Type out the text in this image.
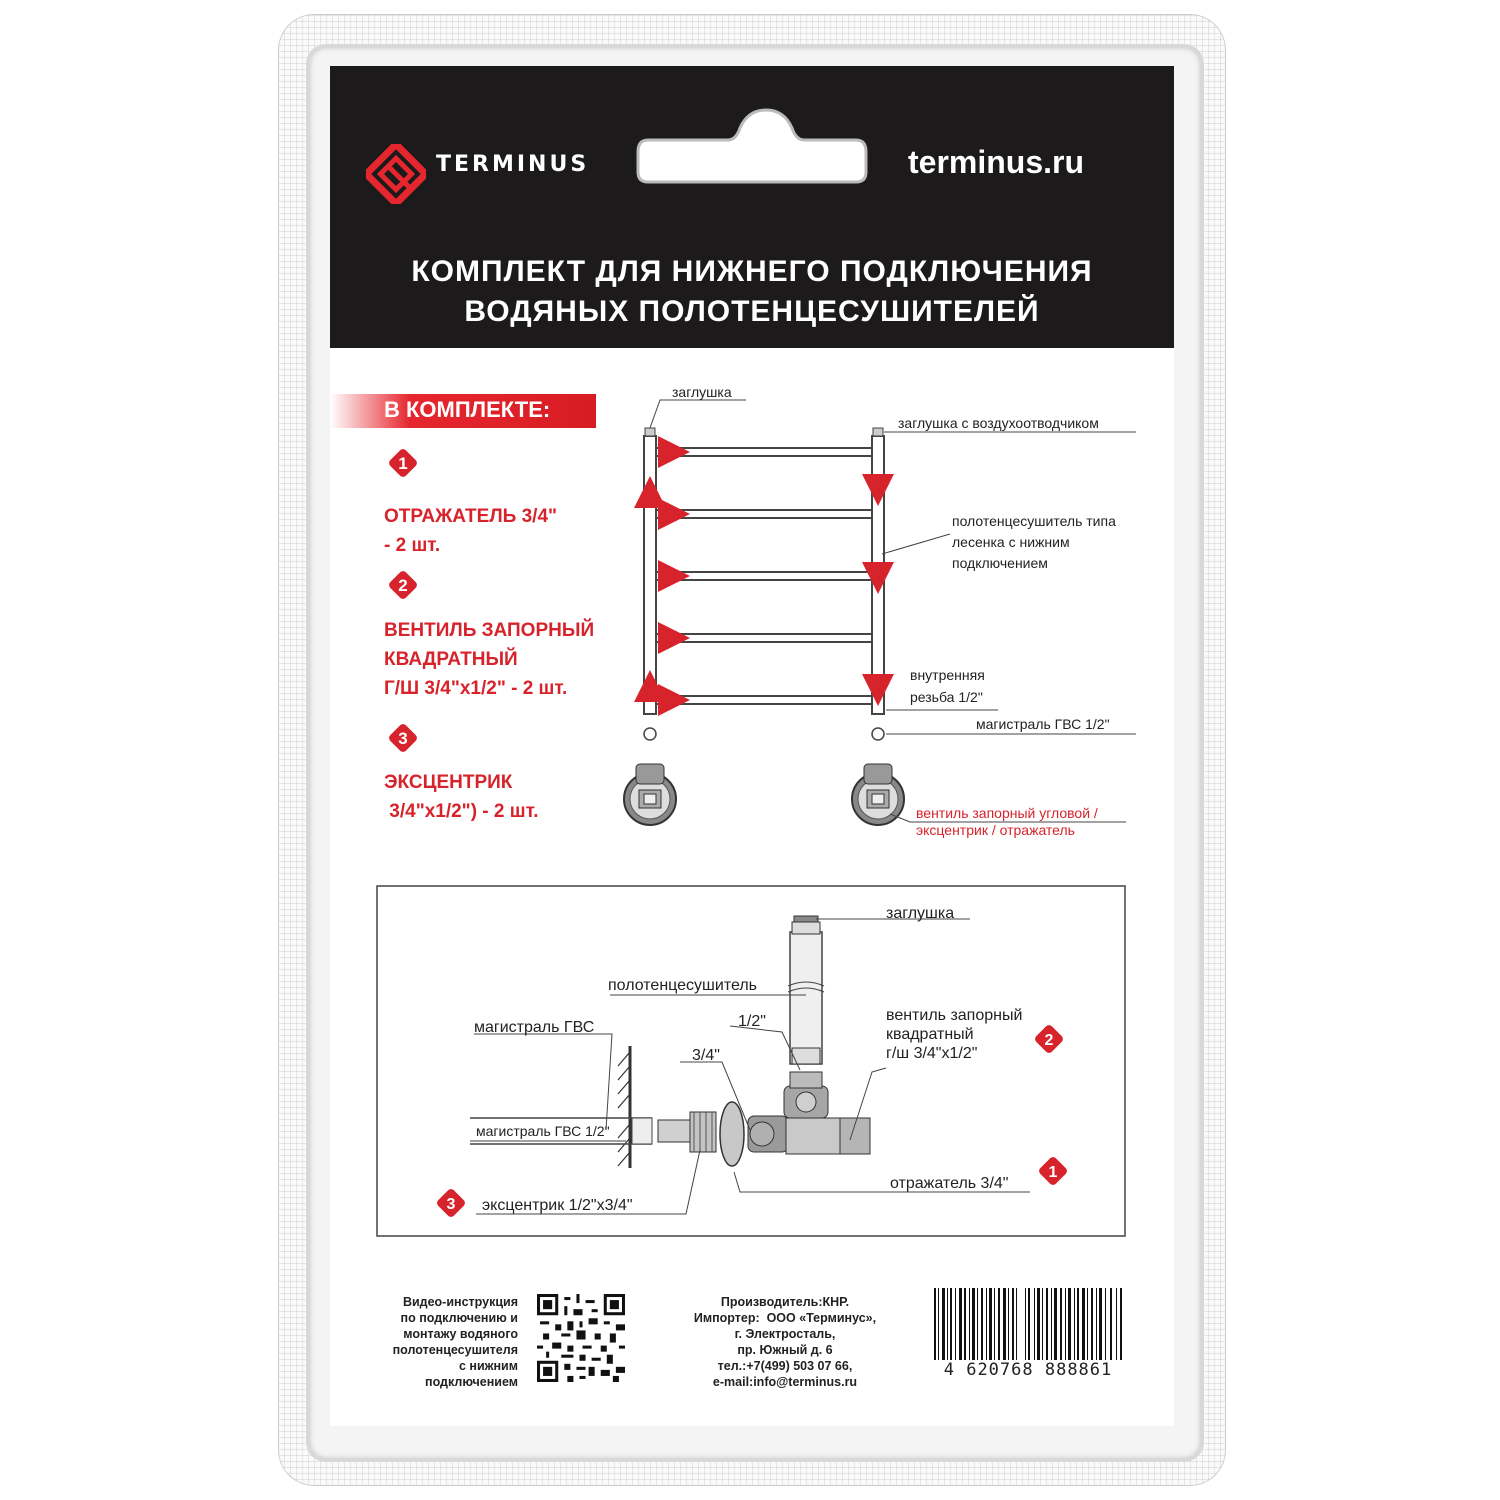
TERMINUS	terminus.ru
КОМПЛЕКТ ДЛЯ НИЖНЕГО ПОДКЛЮЧЕНИЯ
ВОДЯНЫХ ПОЛОТЕНЦЕСУШИТЕЛЕЙ
В КОМПЛЕКТЕ:
1
ОТРАЖАТЕЛЬ 3/4"
- 2 шт.
2
ВЕНТИЛЬ ЗАПОРНЫЙ
КВАДРАТНЫЙ
Г/Ш 3/4"х1/2" - 2 шт.
3
ЭКСЦЕНТРИК
3/4"х1/2") - 2 шт.
заглушка
заглушка с воздухоотводчиком
полотенцесушитель типа
лесенка с нижним
подключением
внутренняя
резьба 1/2"
магистраль ГВС 1/2"
вентиль запорный угловой /
эксцентрик / отражатель
заглушка
полотенцесушитель
1/2"
3/4"
магистраль ГВС
магистраль ГВС 1/2"
вентиль запорный
квадратный
г/ш 3/4"х1/2"
отражатель 3/4"
эксцентрик 1/2"х3/4"
2
1
3
Видео-инструкция
по подключению и
монтажу водяного
полотенцесушителя
с нижним
подключением
Производитель:КНР.
Импортер:  ООО «Терминус»,
г. Электросталь,
пр. Южный д. 6
тел.:+7(499) 503 07 66,
e-mail:info@terminus.ru
4 620768 888861
